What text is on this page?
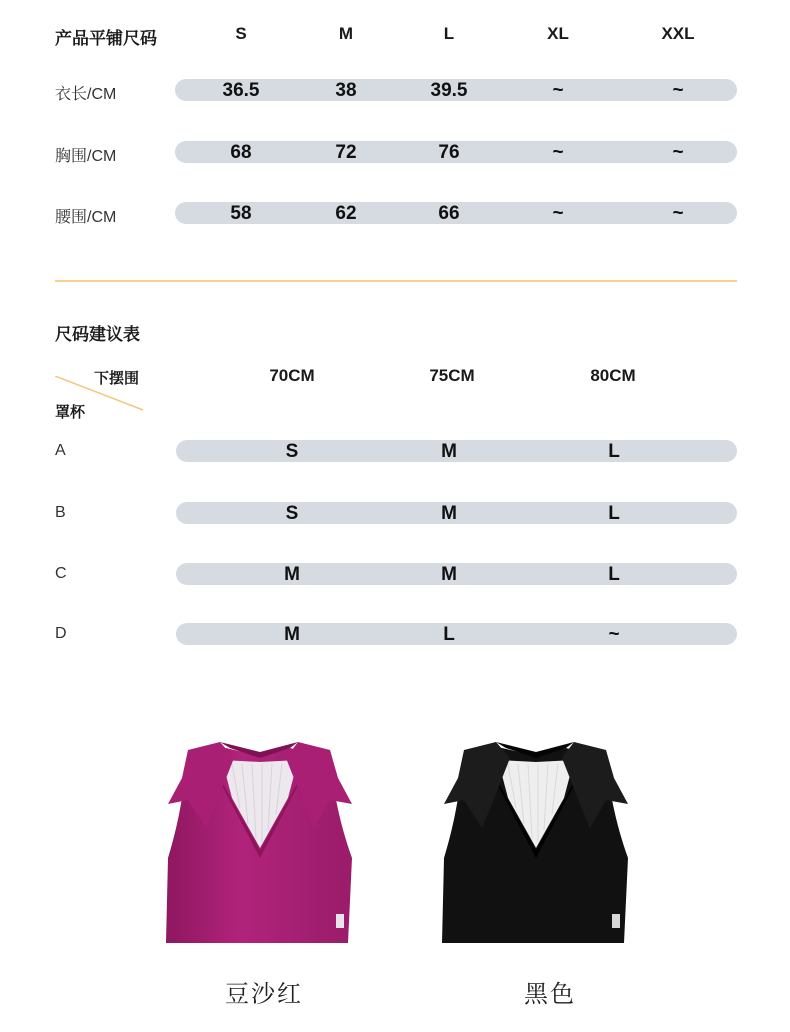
产品平铺尺码	S	M	L	XL	XXL
衣长/CM	36.5	38	39.5	~	~
胸围/CM	68	72	76	~	~
腰围/CM	58	62	66	~	~
尺码建议表
下摆围
罩杯
70CM	75CM	80CM
A	S	M	L
B	S	M	L
C	M	M	L
D	M	L	~
豆沙红	黑色
